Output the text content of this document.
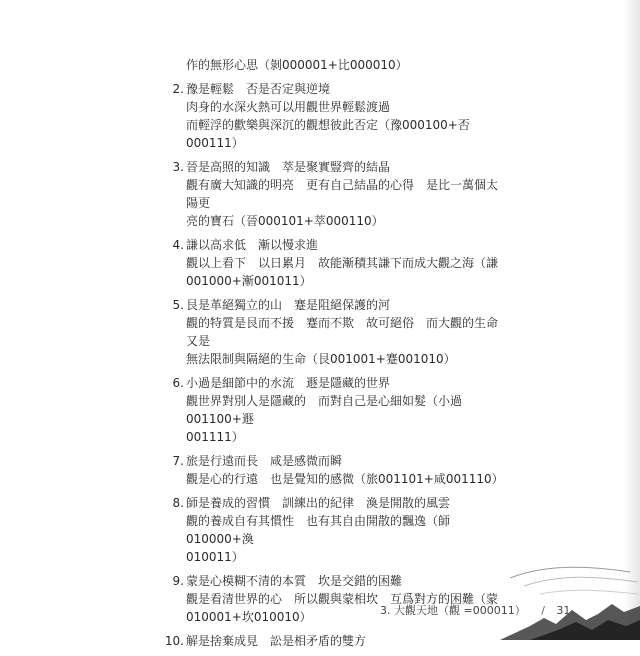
作的無形心思（剝000001+比000010）
2. 豫是輕鬆　否是否定與逆境

肉身的水深火熱可以用觀世界輕鬆渡過

而輕浮的歡樂與深沉的觀想彼此否定（豫000100+否000111）

3. 晉是高照的知識　萃是聚實豎齊的結晶

觀有廣大知識的明亮　更有自己結晶的心得　是比一萬個太陽更

亮的寶石（晉000101+萃000110）

4. 謙以高求低　漸以慢求進

觀以上看下　以日累月　故能漸積其謙下而成大觀之海（謙

001000+漸001011）

5. 艮是革絕獨立的山　蹇是阻絕保護的河

觀的特質是艮而不援　蹇而不欺　故可絕俗　而大觀的生命又是

無法限制與隔絕的生命（艮001001+蹇001010）

6. 小過是細節中的水流　遯是隱藏的世界

觀世界對別人是隱藏的　而對自己是心細如髮（小過001100+遯

001111）

7. 旅是行遠而長　咸是感微而瞬

觀是心的行遠　也是覺知的感微（旅001101+咸001110）

8. 師是養成的習慣　訓練出的紀律　渙是開散的風雲

觀的養成自有其慣性　也有其自由開散的飄逸（師010000+渙

010011）

9. 蒙是心模糊不清的本質　坎是交錯的困難

觀是看清世界的心　所以觀與蒙相坎　互爲對方的困難（蒙

010001+坎010010）

10. 解是捨棄成見　訟是相矛盾的雙方
3. 大觀天地（觀 =000011） / 31
